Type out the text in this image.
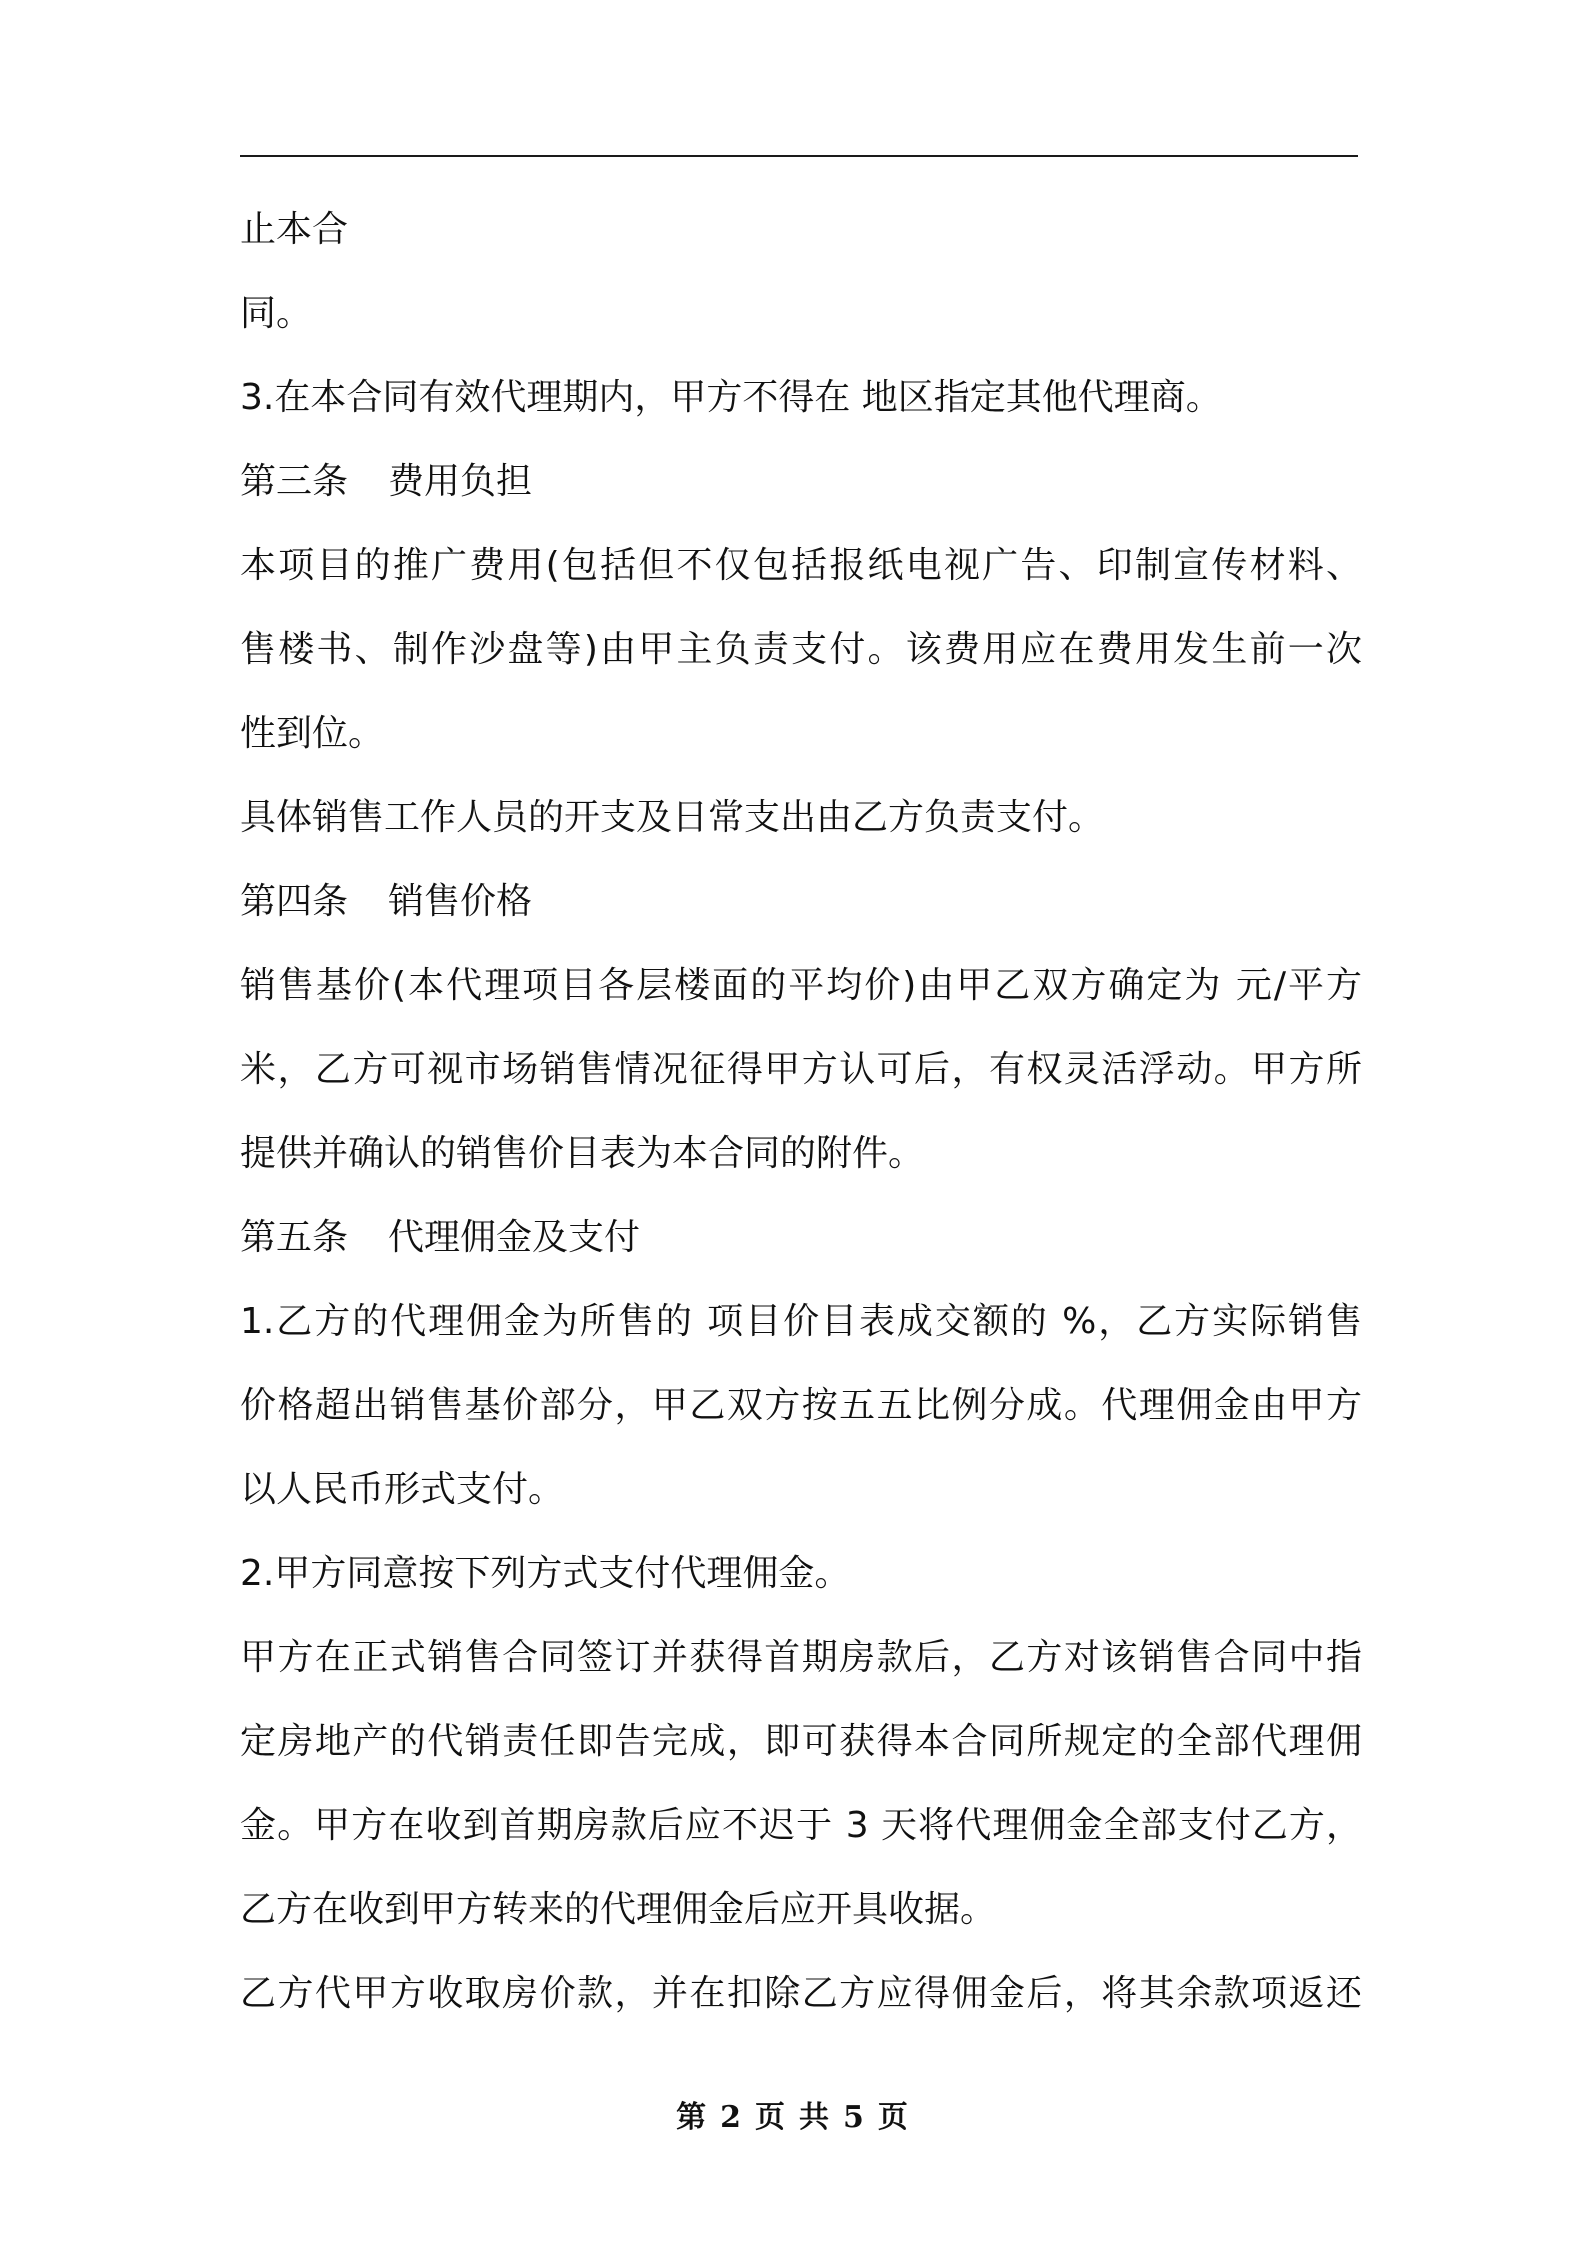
止本合
同。
3.在本合同有效代理期内，甲方不得在 地区指定其他代理商。
第三条 费用负担
本项目的推广费用(包括但不仅包括报纸电视广告、印制宣传材料、
售楼书、制作沙盘等)由甲主负责支付。该费用应在费用发生前一次
性到位。
具体销售工作人员的开支及日常支出由乙方负责支付。
第四条 销售价格
销售基价(本代理项目各层楼面的平均价)由甲乙双方确定为 元/平方
米，乙方可视市场销售情况征得甲方认可后，有权灵活浮动。甲方所
提供并确认的销售价目表为本合同的附件。
第五条 代理佣金及支付
1.乙方的代理佣金为所售的 项目价目表成交额的 %，乙方实际销售
价格超出销售基价部分，甲乙双方按五五比例分成。代理佣金由甲方
以人民币形式支付。
2.甲方同意按下列方式支付代理佣金。
甲方在正式销售合同签订并获得首期房款后，乙方对该销售合同中指
定房地产的代销责任即告完成，即可获得本合同所规定的全部代理佣
金。甲方在收到首期房款后应不迟于 3 天将代理佣金全部支付乙方，
乙方在收到甲方转来的代理佣金后应开具收据。
乙方代甲方收取房价款，并在扣除乙方应得佣金后，将其余款项返还
第 2 页 共 5 页
